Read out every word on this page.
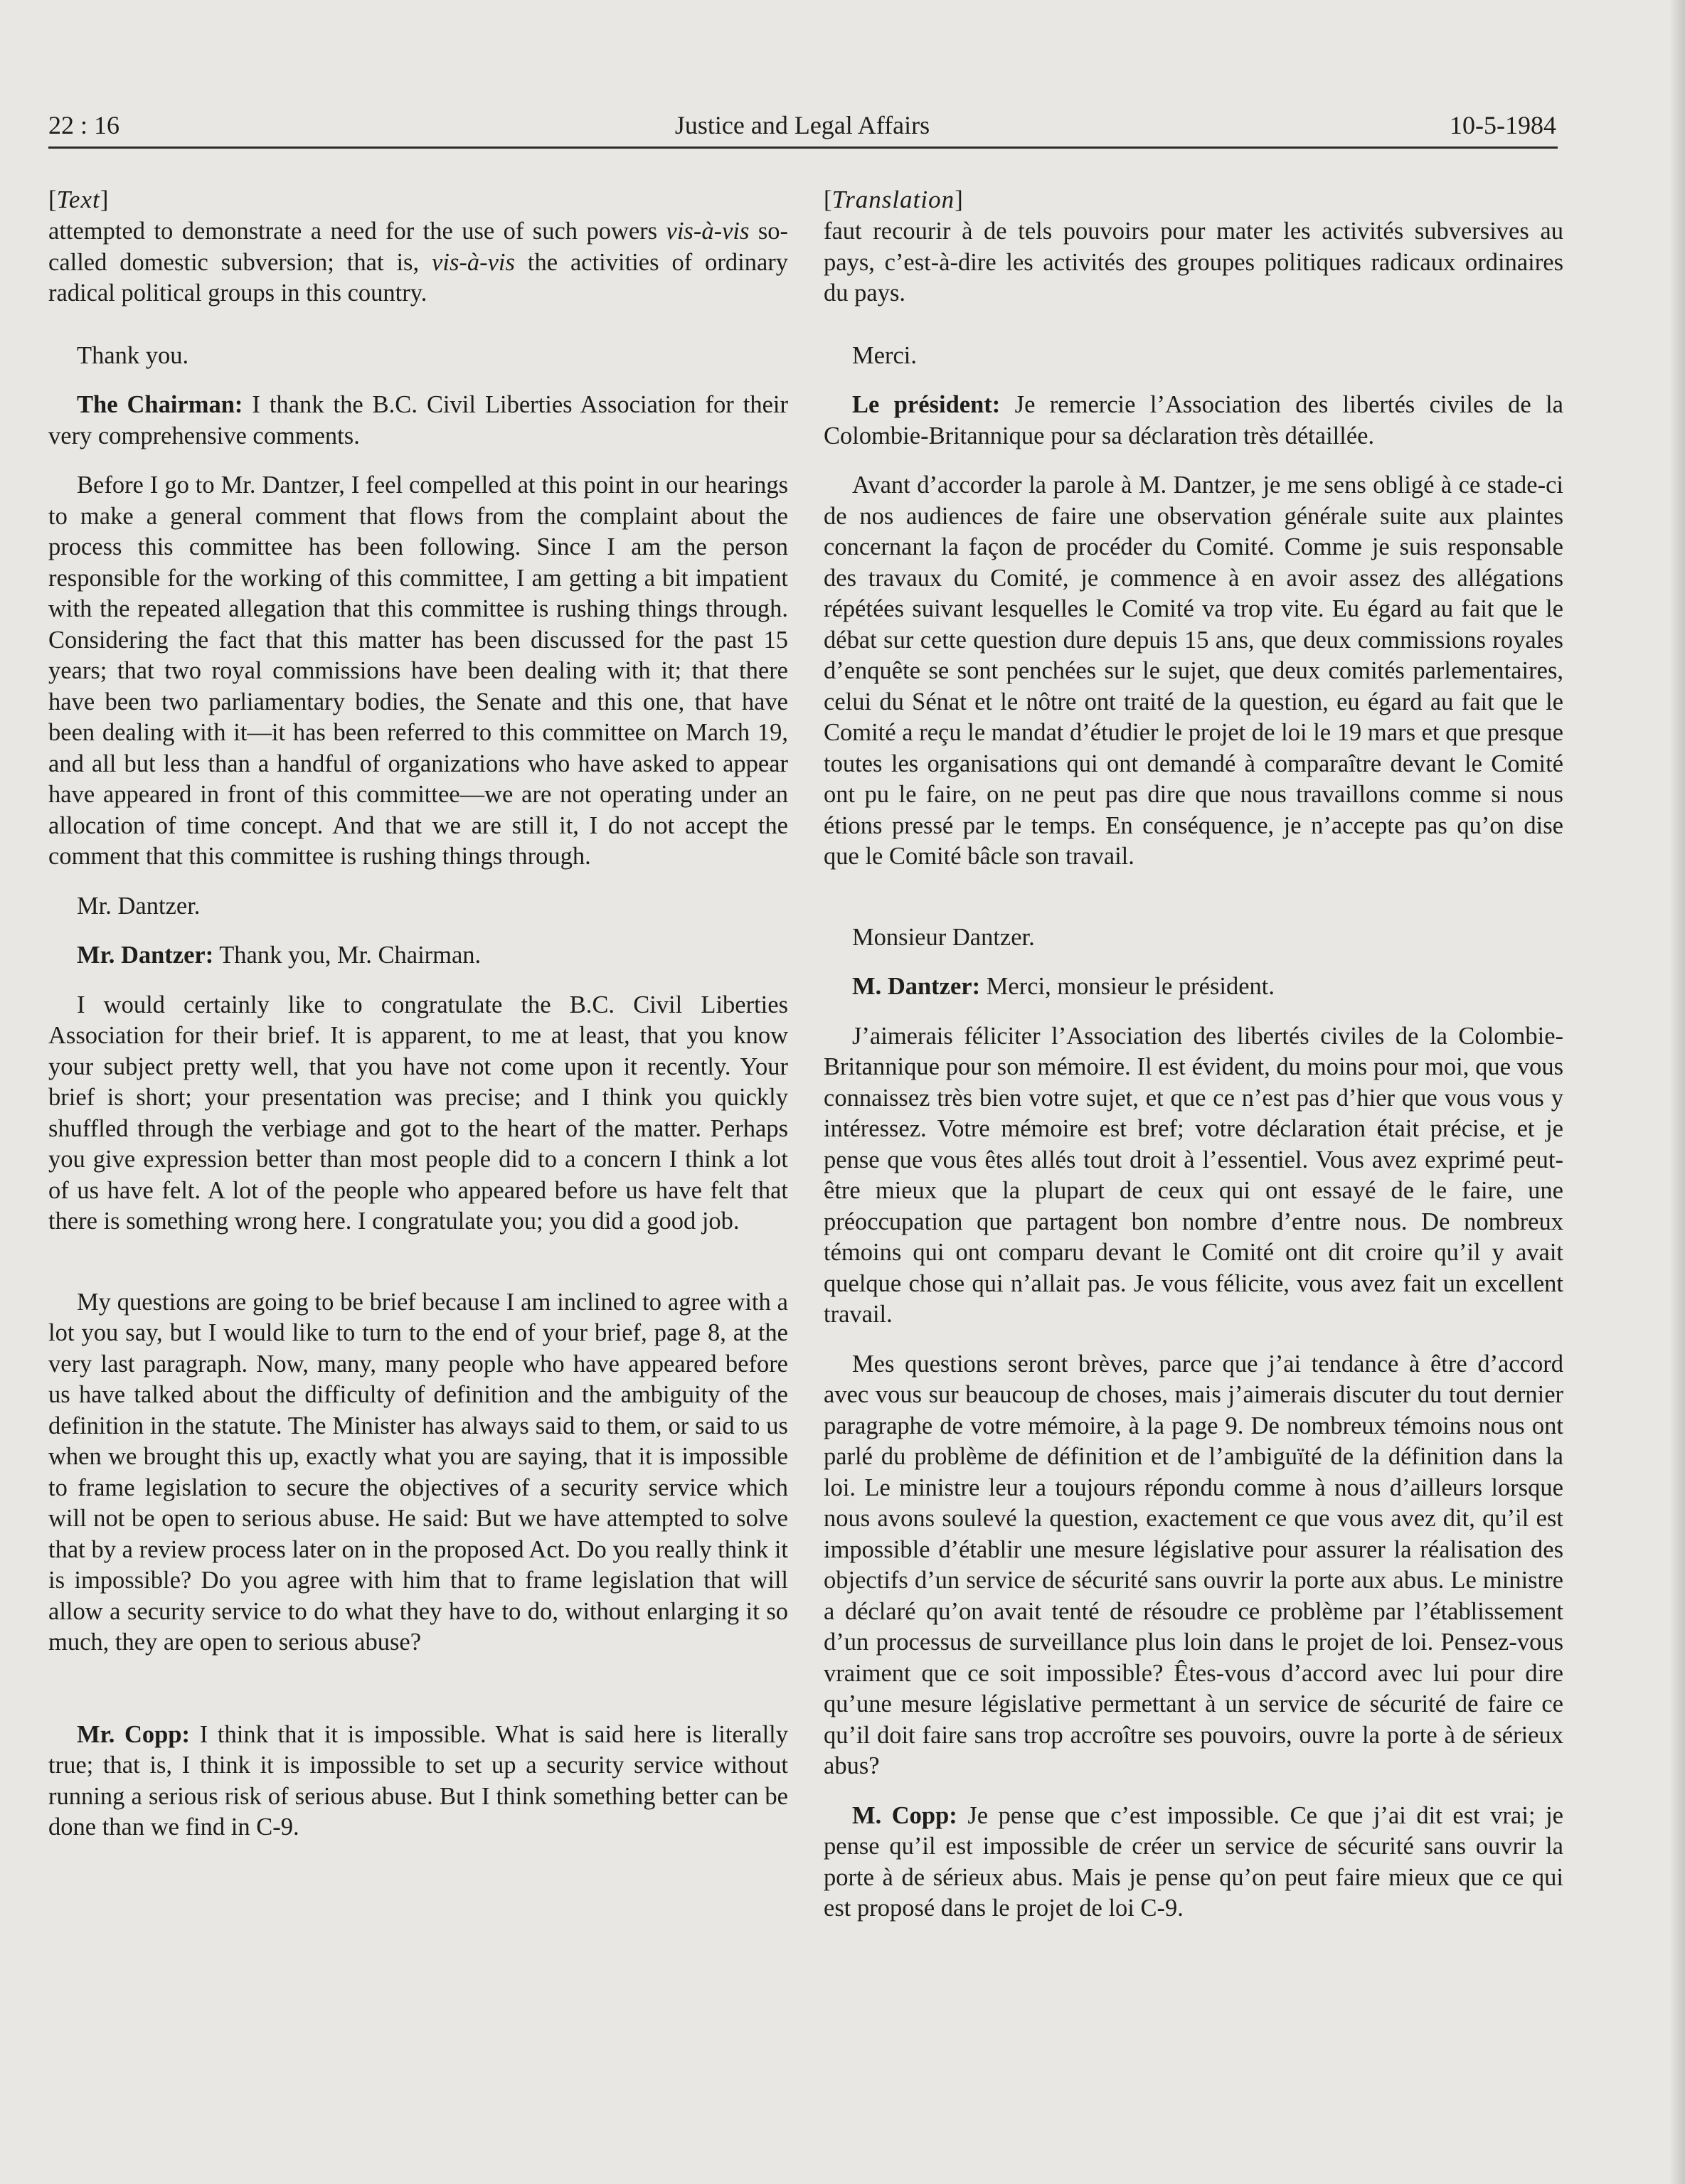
22 : 16	Justice and Legal Affairs	10-5-1984

[Text]

attempted to demonstrate a need for the use of such powers vis-à-vis so-called domestic subversion; that is, vis-à-vis the activities of ordinary radical political groups in this country.

Thank you.

The Chairman: I thank the B.C. Civil Liberties Association for their very comprehensive comments.

Before I go to Mr. Dantzer, I feel compelled at this point in our hearings to make a general comment that flows from the complaint about the process this committee has been following. Since I am the person responsible for the working of this committee, I am getting a bit impatient with the repeated allegation that this committee is rushing things through. Considering the fact that this matter has been discussed for the past 15 years; that two royal commissions have been dealing with it; that there have been two parliamentary bodies, the Senate and this one, that have been dealing with it—it has been referred to this committee on March 19, and all but less than a handful of organizations who have asked to appear have appeared in front of this committee—we are not operating under an allocation of time concept. And that we are still it, I do not accept the comment that this committee is rushing things through.

Mr. Dantzer.

Mr. Dantzer: Thank you, Mr. Chairman.

I would certainly like to congratulate the B.C. Civil Liberties Association for their brief. It is apparent, to me at least, that you know your subject pretty well, that you have not come upon it recently. Your brief is short; your presentation was precise; and I think you quickly shuffled through the verbiage and got to the heart of the matter. Perhaps you give expression better than most people did to a concern I think a lot of us have felt. A lot of the people who appeared before us have felt that there is something wrong here. I congratulate you; you did a good job.

My questions are going to be brief because I am inclined to agree with a lot you say, but I would like to turn to the end of your brief, page 8, at the very last paragraph. Now, many, many people who have appeared before us have talked about the difficulty of definition and the ambiguity of the definition in the statute. The Minister has always said to them, or said to us when we brought this up, exactly what you are saying, that it is impossible to frame legislation to secure the objectives of a security service which will not be open to serious abuse. He said: But we have attempted to solve that by a review process later on in the proposed Act. Do you really think it is impossible? Do you agree with him that to frame legislation that will allow a security service to do what they have to do, without enlarging it so much, they are open to serious abuse?

Mr. Copp: I think that it is impossible. What is said here is literally true; that is, I think it is impossible to set up a security service without running a serious risk of serious abuse. But I think something better can be done than we find in C-9.

[Translation]

faut recourir à de tels pouvoirs pour mater les activités subversives au pays, c’est-à-dire les activités des groupes politiques radicaux ordinaires du pays.

Merci.

Le président: Je remercie l’Association des libertés civiles de la Colombie-Britannique pour sa déclaration très détaillée.

Avant d’accorder la parole à M. Dantzer, je me sens obligé à ce stade-ci de nos audiences de faire une observation générale suite aux plaintes concernant la façon de procéder du Comité. Comme je suis responsable des travaux du Comité, je commence à en avoir assez des allégations répétées suivant lesquelles le Comité va trop vite. Eu égard au fait que le débat sur cette question dure depuis 15 ans, que deux commissions royales d’enquête se sont penchées sur le sujet, que deux comités parlementaires, celui du Sénat et le nôtre ont traité de la question, eu égard au fait que le Comité a reçu le mandat d’étudier le projet de loi le 19 mars et que presque toutes les organisations qui ont demandé à comparaître devant le Comité ont pu le faire, on ne peut pas dire que nous travaillons comme si nous étions pressé par le temps. En conséquence, je n’accepte pas qu’on dise que le Comité bâcle son travail.

Monsieur Dantzer.

M. Dantzer: Merci, monsieur le président.

J’aimerais féliciter l’Association des libertés civiles de la Colombie-Britannique pour son mémoire. Il est évident, du moins pour moi, que vous connaissez très bien votre sujet, et que ce n’est pas d’hier que vous vous y intéressez. Votre mémoire est bref; votre déclaration était précise, et je pense que vous êtes allés tout droit à l’essentiel. Vous avez exprimé peut-être mieux que la plupart de ceux qui ont essayé de le faire, une préoccupation que partagent bon nombre d’entre nous. De nombreux témoins qui ont comparu devant le Comité ont dit croire qu’il y avait quelque chose qui n’allait pas. Je vous félicite, vous avez fait un excellent travail.

Mes questions seront brèves, parce que j’ai tendance à être d’accord avec vous sur beaucoup de choses, mais j’aimerais discuter du tout dernier paragraphe de votre mémoire, à la page 9. De nombreux témoins nous ont parlé du problème de définition et de l’ambiguïté de la définition dans la loi. Le ministre leur a toujours répondu comme à nous d’ailleurs lorsque nous avons soulevé la question, exactement ce que vous avez dit, qu’il est impossible d’établir une mesure législative pour assurer la réalisation des objectifs d’un service de sécurité sans ouvrir la porte aux abus. Le ministre a déclaré qu’on avait tenté de résoudre ce problème par l’établissement d’un processus de surveillance plus loin dans le projet de loi. Pensez-vous vraiment que ce soit impossible? Êtes-vous d’accord avec lui pour dire qu’une mesure législative permettant à un service de sécurité de faire ce qu’il doit faire sans trop accroître ses pouvoirs, ouvre la porte à de sérieux abus?

M. Copp: Je pense que c’est impossible. Ce que j’ai dit est vrai; je pense qu’il est impossible de créer un service de sécurité sans ouvrir la porte à de sérieux abus. Mais je pense qu’on peut faire mieux que ce qui est proposé dans le projet de loi C-9.
